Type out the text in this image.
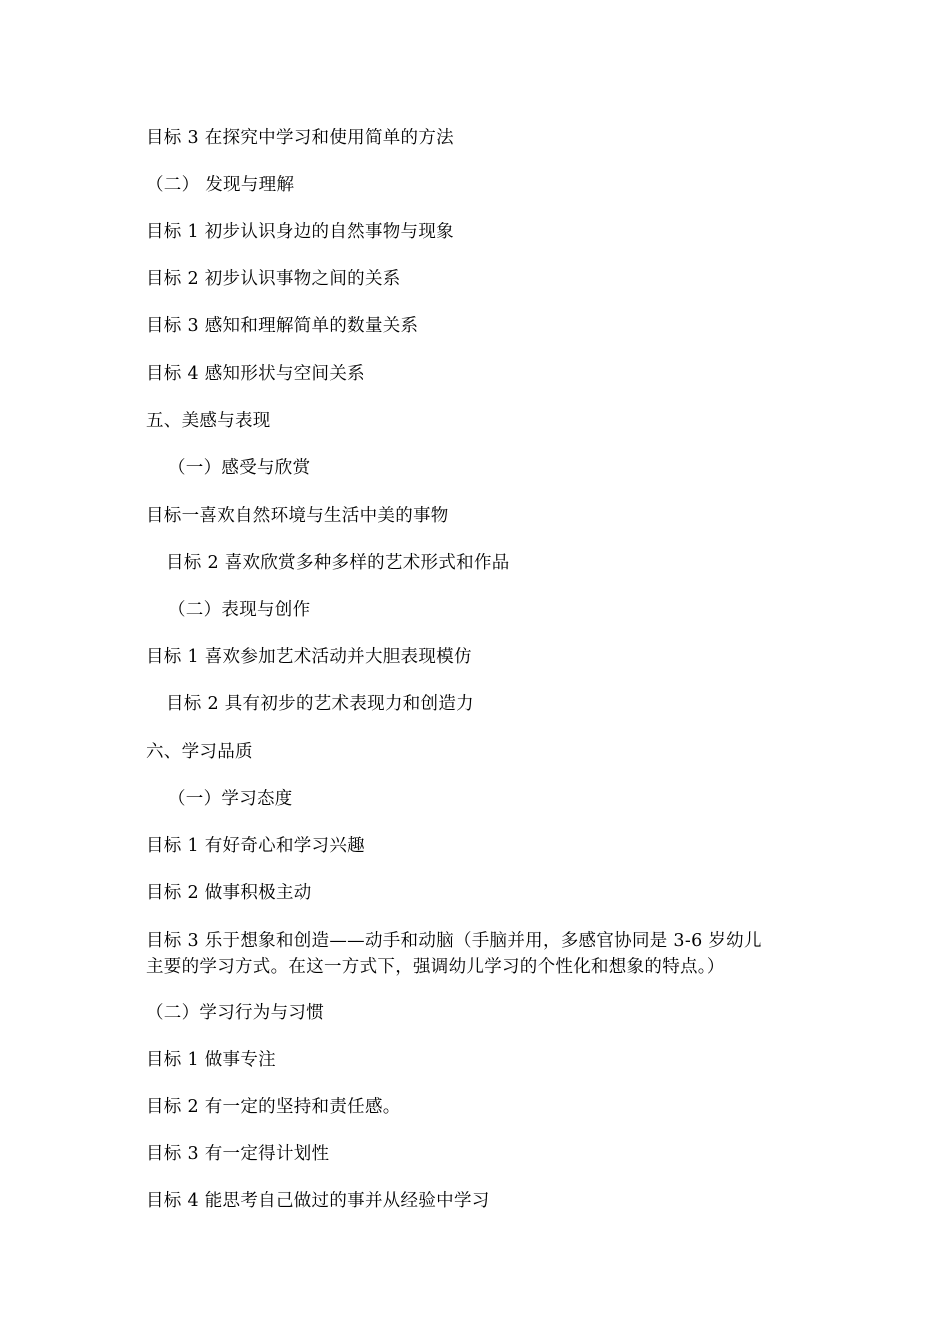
目标 3 在探究中学习和使用简单的方法
（二） 发现与理解
目标 1 初步认识身边的自然事物与现象
目标 2 初步认识事物之间的关系
目标 3 感知和理解简单的数量关系
目标 4 感知形状与空间关系
五、美感与表现
（一）感受与欣赏
目标一喜欢自然环境与生活中美的事物
目标 2 喜欢欣赏多种多样的艺术形式和作品
（二）表现与创作
目标 1 喜欢参加艺术活动并大胆表现模仿
目标 2 具有初步的艺术表现力和创造力
六、学习品质
（一）学习态度
目标 1 有好奇心和学习兴趣
目标 2 做事积极主动
目标 3 乐于想象和创造——动手和动脑（手脑并用，多感官协同是 3-6 岁幼儿
主要的学习方式。在这一方式下，强调幼儿学习的个性化和想象的特点。）
（二）学习行为与习惯
目标 1 做事专注
目标 2 有一定的坚持和责任感。
目标 3 有一定得计划性
目标 4 能思考自己做过的事并从经验中学习
